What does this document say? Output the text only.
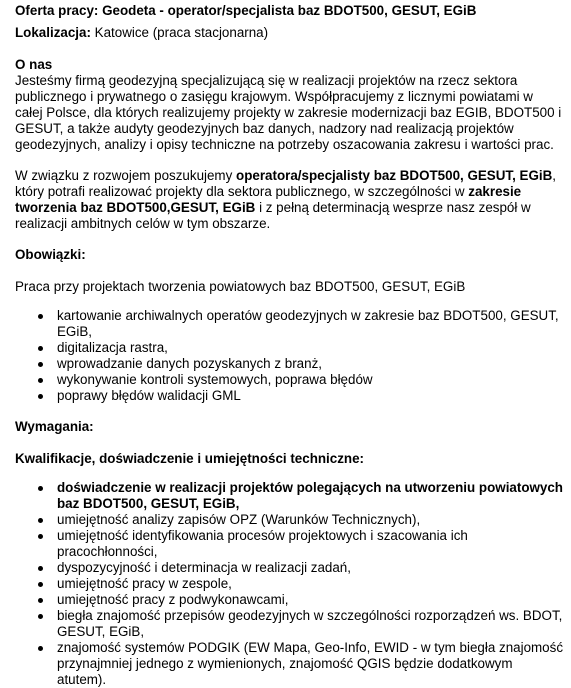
Oferta pracy: Geodeta - operator/specjalista baz BDOT500, GESUT, EGiB

Lokalizacja: Katowice (praca stacjonarna)

O nas

Jesteśmy firmą geodezyjną specjalizującą się w realizacji projektów na rzecz sektora publicznego i prywatnego o zasięgu krajowym. Współpracujemy z licznymi powiatami w całej Polsce, dla których realizujemy projekty w zakresie modernizacji baz EGIB, BDOT500 i GESUT, a także audyty geodezyjnych baz danych, nadzory nad realizacją projektów geodezyjnych, analizy i opisy techniczne na potrzeby oszacowania zakresu i wartości prac.

W związku z rozwojem poszukujemy operatora/specjalisty baz BDOT500, GESUT, EGiB, który potrafi realizować projekty dla sektora publicznego, w szczególności w zakresie tworzenia baz BDOT500,GESUT, EGiB i z pełną determinacją wesprze nasz zespół w realizacji ambitnych celów w tym obszarze.

Obowiązki:

Praca przy projektach tworzenia powiatowych baz BDOT500, GESUT, EGiB

kartowanie archiwalnych operatów geodezyjnych w zakresie baz BDOT500, GESUT, EGiB,
digitalizacja rastra,
wprowadzanie danych pozyskanych z branż,
wykonywanie kontroli systemowych, poprawa błędów
poprawy błędów walidacji GML

Wymagania:

Kwalifikacje, doświadczenie i umiejętności techniczne:

doświadczenie w realizacji projektów polegających na utworzeniu powiatowych baz BDOT500, GESUT, EGiB,
umiejętność analizy zapisów OPZ (Warunków Technicznych),
umiejętność identyfikowania procesów projektowych i szacowania ich pracochłonności,
dyspozycyjność i determinacja w realizacji zadań,
umiejętność pracy w zespole,
umiejętność pracy z podwykonawcami,
biegła znajomość przepisów geodezyjnych w szczególności rozporządzeń ws. BDOT, GESUT, EGiB,
znajomość systemów PODGIK (EW Mapa, Geo-Info, EWID - w tym biegła znajomość przynajmniej jednego z wymienionych, znajomość QGIS będzie dodatkowym atutem).
